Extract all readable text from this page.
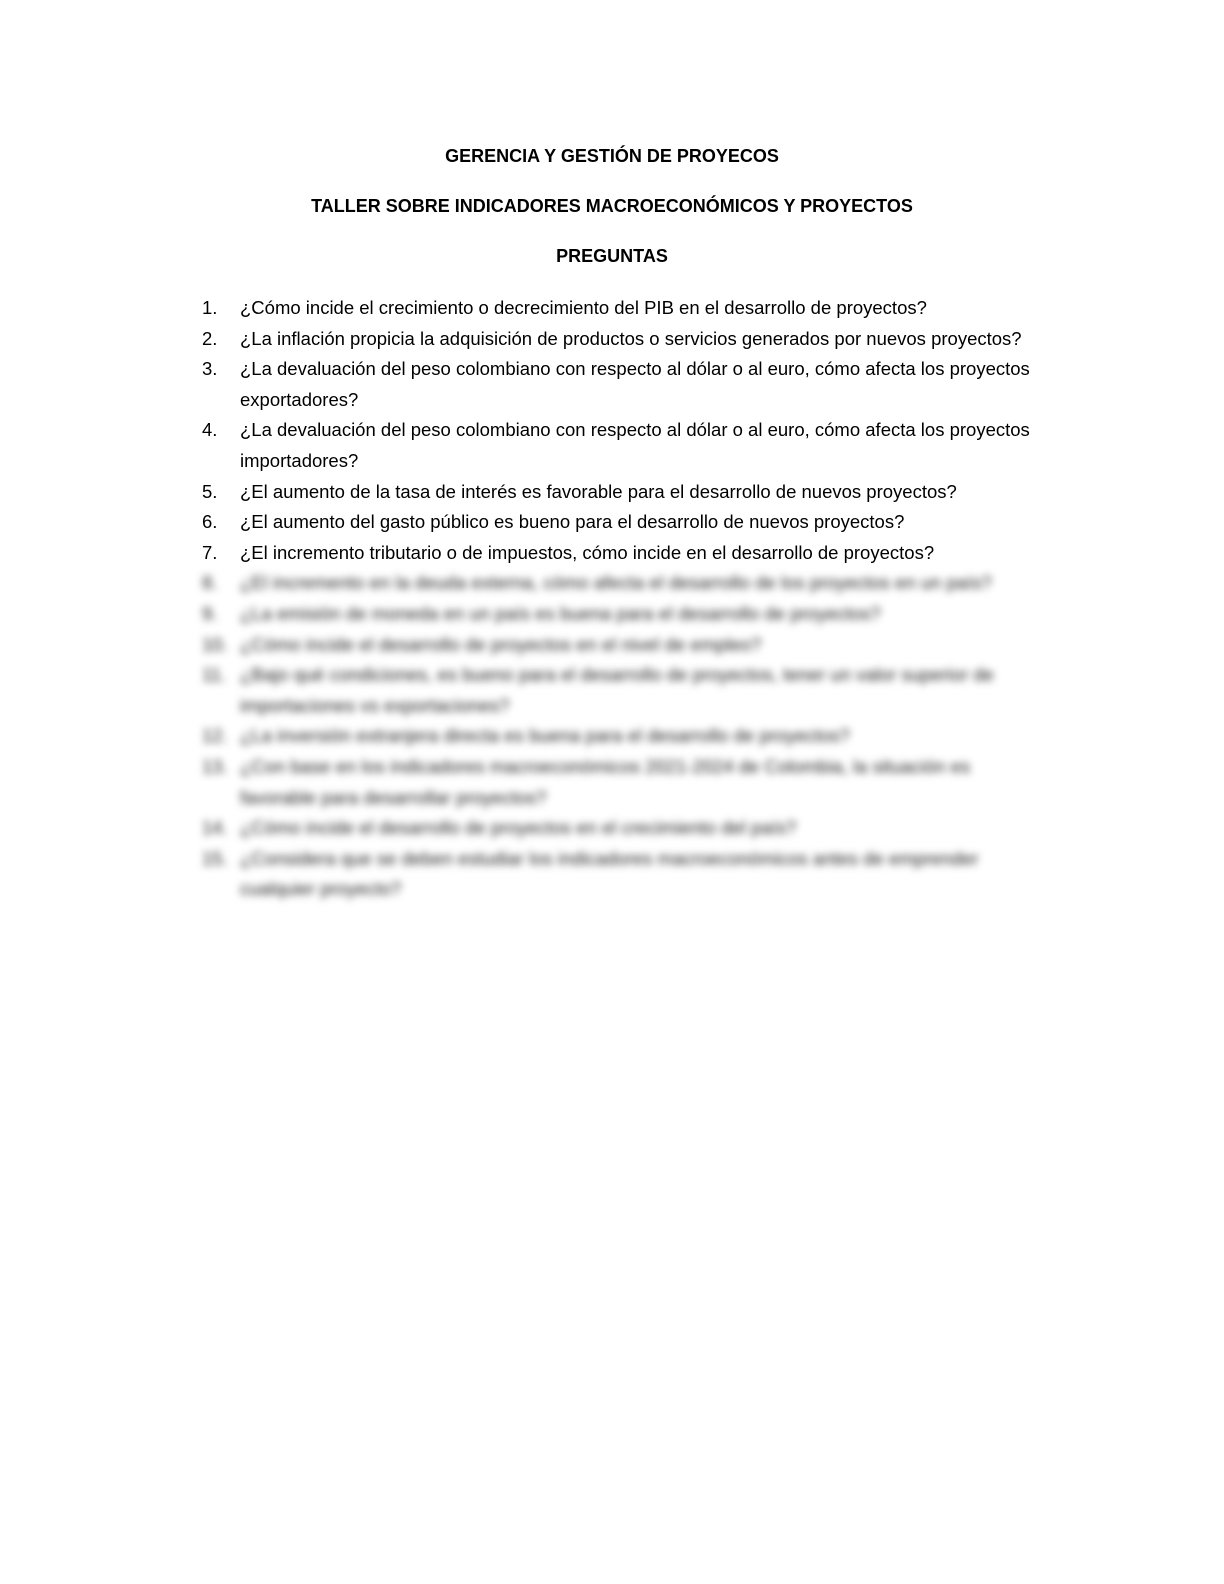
GERENCIA Y GESTIÓN DE PROYECOS
TALLER SOBRE INDICADORES MACROECONÓMICOS Y PROYECTOS
PREGUNTAS
1.	¿Cómo incide el crecimiento o decrecimiento del PIB en el desarrollo de proyectos?
2.	¿La inflación propicia la adquisición de productos o servicios generados por nuevos proyectos?
3.	¿La devaluación del peso colombiano con respecto al dólar o al euro, cómo afecta los proyectos exportadores?
4.	¿La devaluación del peso colombiano con respecto al dólar o al euro, cómo afecta los proyectos importadores?
5.	¿El aumento de la tasa de interés es favorable para el desarrollo de nuevos proyectos?
6.	¿El aumento del gasto público es bueno para el desarrollo de nuevos proyectos?
7.	¿El incremento tributario o de impuestos, cómo incide en el desarrollo de proyectos?
8.	¿El incremento en la deuda externa, cómo afecta el desarrollo de los proyectos en un país?
9.	¿La emisión de moneda en un país es buena para el desarrollo de proyectos?
10. ¿Cómo incide el desarrollo de proyectos en el nivel de empleo?
11. ¿Bajo qué condiciones, es bueno para el desarrollo de proyectos, tener un valor superior de importaciones vs exportaciones?
12. ¿La inversión extranjera directa es buena para el desarrollo de proyectos?
13. ¿Con base en los indicadores macroeconómicos 2021-2024 de Colombia, la situación es favorable para desarrollar proyectos?
14. ¿Cómo incide el desarrollo de proyectos en el crecimiento del país?
15. ¿Considera que se deben estudiar los indicadores macroeconómicos antes de emprender cualquier proyecto?
